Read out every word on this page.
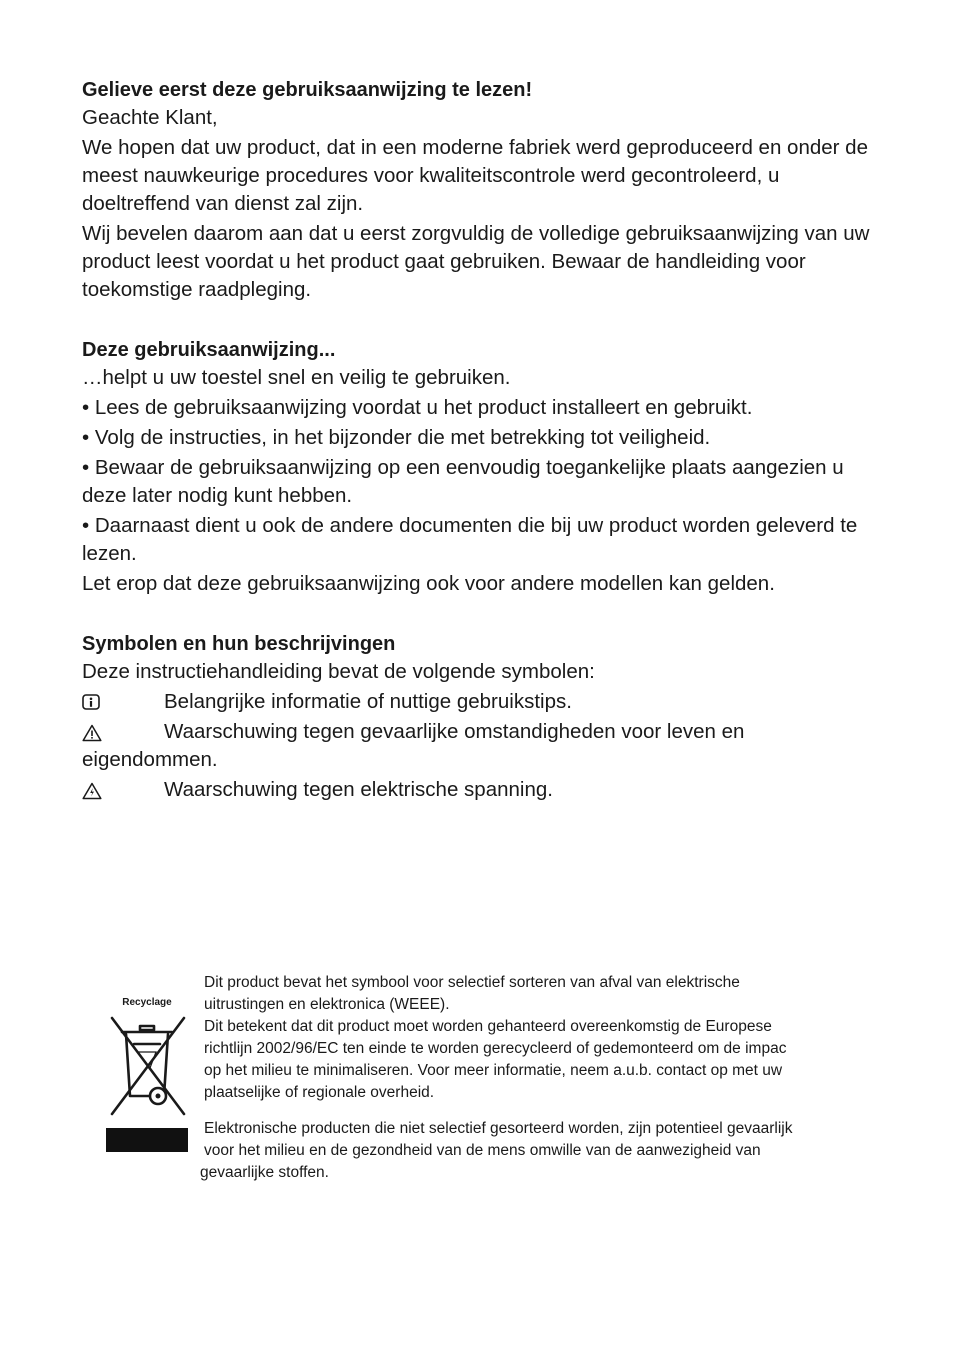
Gelieve eerst deze gebruiksaanwijzing te lezen!

Geachte Klant,

We hopen dat uw product, dat in een moderne fabriek werd geproduceerd en onder de meest nauwkeurige procedures voor kwaliteitscontrole werd gecontroleerd, u doeltreffend van dienst zal zijn.

Wij bevelen daarom aan dat u eerst zorgvuldig de volledige gebruiksaanwijzing van uw product leest voordat u het product gaat gebruiken. Bewaar de handleiding voor toekomstige raadpleging.

Deze gebruiksaanwijzing...

…helpt u uw toestel snel en veilig te gebruiken.

• Lees de gebruiksaanwijzing voordat u het product installeert en gebruikt.

• Volg de instructies, in het bijzonder die met betrekking tot veiligheid.

• Bewaar de gebruiksaanwijzing op een eenvoudig toegankelijke plaats aangezien u deze later nodig kunt hebben.

• Daarnaast dient u ook de andere documenten die bij uw product worden geleverd te lezen.

Let erop dat deze gebruiksaanwijzing ook voor andere modellen kan gelden.

Symbolen en hun beschrijvingen

Deze instructiehandleiding bevat de volgende symbolen:

Belangrijke informatie of nuttige gebruikstips.

Waarschuwing tegen gevaarlijke omstandigheden voor leven en eigendommen.

Waarschuwing tegen elektrische spanning.

Recyclage

Dit product bevat het symbool voor selectief sorteren van afval van elektrische

uitrustingen en elektronica (WEEE).

Dit betekent dat dit product moet worden gehanteerd overeenkomstig de Europese

richtlijn 2002/96/EC ten einde te worden gerecycleerd of gedemonteerd om de impac

op het milieu te minimaliseren. Voor meer informatie, neem a.u.b. contact op met uw

plaatselijke of regionale overheid.

Elektronische producten die niet selectief gesorteerd worden, zijn potentieel gevaarlijk

voor het milieu en de gezondheid van de mens omwille van de aanwezigheid van

gevaarlijke stoffen.
